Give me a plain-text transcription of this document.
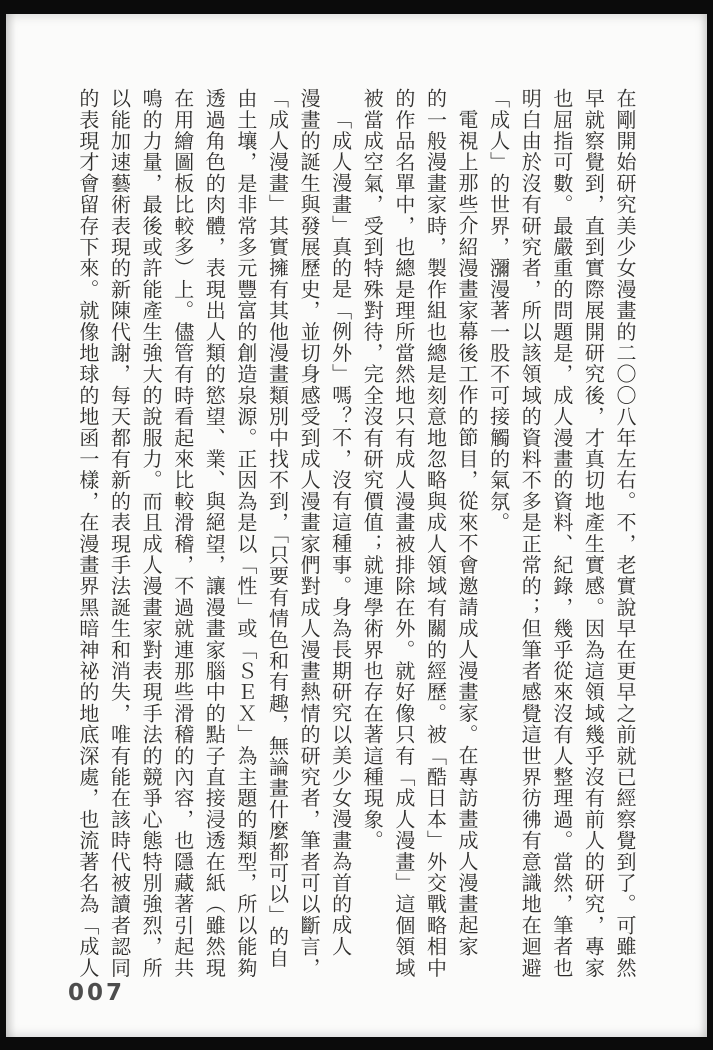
在剛開始研究美少女漫畫的二〇〇八年左右。不，老實說早在更早之前就已經察覺到了。可雖然
早就察覺到，直到實際展開研究後，才真切地產生實感。因為這領域幾乎沒有前人的研究，專家
也屈指可數。最嚴重的問題是，成人漫畫的資料、紀錄，幾乎從來沒有人整理過。當然，筆者也
明白由於沒有研究者，所以該領域的資料不多是正常的；但筆者感覺這世界彷彿有意識地在迴避
「成人」的世界，瀰漫著一股不可接觸的氣氛。
電視上那些介紹漫畫家幕後工作的節目，從來不會邀請成人漫畫家。在專訪畫成人漫畫起家
的一般漫畫家時，製作組也總是刻意地忽略與成人領域有關的經歷。被「酷日本」外交戰略相中
的作品名單中，也總是理所當然地只有成人漫畫被排除在外。就好像只有「成人漫畫」這個領域
被當成空氣，受到特殊對待，完全沒有研究價值；就連學術界也存在著這種現象。
「成人漫畫」真的是「例外」嗎？不，沒有這種事。身為長期研究以美少女漫畫為首的成人
漫畫的誕生與發展歷史，並切身感受到成人漫畫家們對成人漫畫熱情的研究者，筆者可以斷言，
「成人漫畫」其實擁有其他漫畫類別中找不到，「只要有情色和有趣，無論畫什麼都可以」的自
由土壤，是非常多元豐富的創造泉源。正因為是以「性」或「ＳＥＸ」為主題的類型，所以能夠
透過角色的肉體，表現出人類的慾望、業、與絕望，讓漫畫家腦中的點子直接浸透在紙（雖然現
在用繪圖板比較多）上。儘管有時看起來比較滑稽，不過就連那些滑稽的內容，也隱藏著引起共
鳴的力量，最後或許能產生強大的說服力。而且成人漫畫家對表現手法的競爭心態特別強烈，所
以能加速藝術表現的新陳代謝，每天都有新的表現手法誕生和消失，唯有能在該時代被讀者認同
的表現才會留存下來。就像地球的地函一樣，在漫畫界黑暗神祕的地底深處，也流著名為「成人
007
